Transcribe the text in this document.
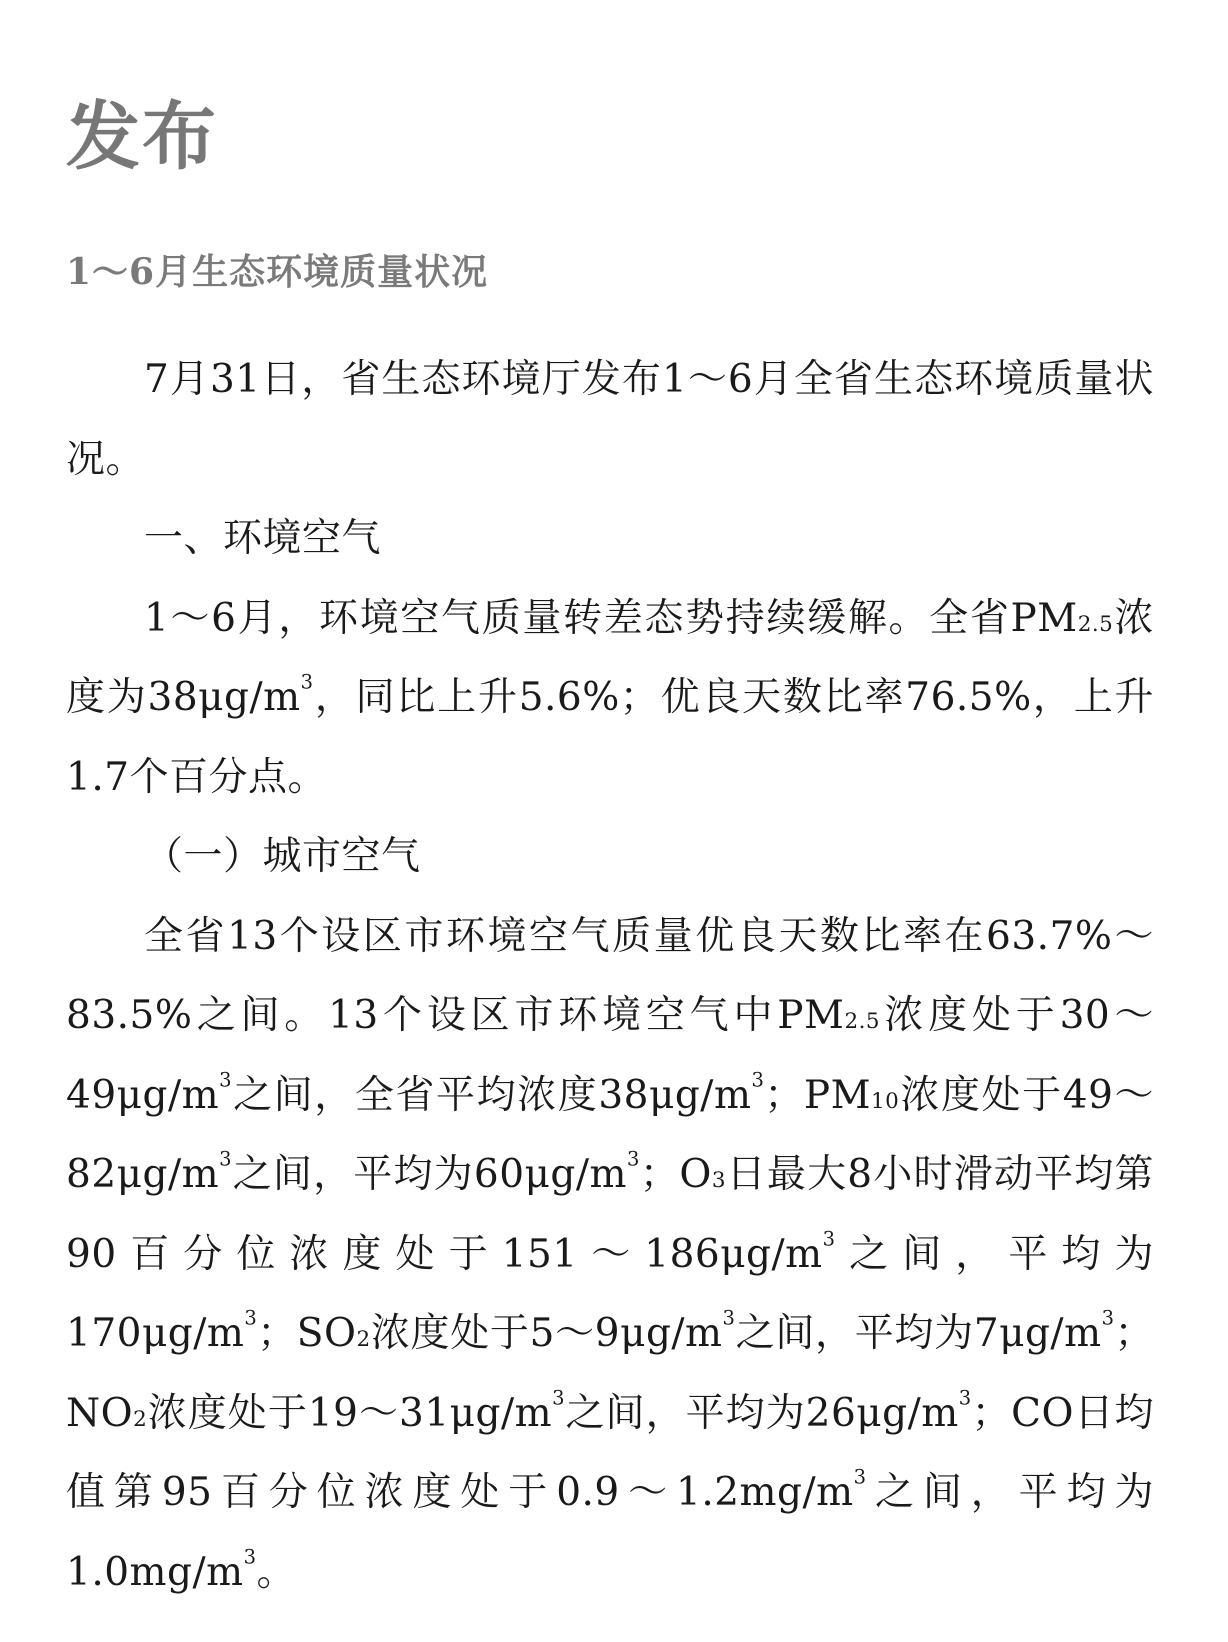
发布
1～6月生态环境质量状况

7月31日，省生态环境厅发布1～6月全省生态环境质量状况。

一、环境空气

1～6月，环境空气质量转差态势持续缓解。全省PM2.5浓度为$38\mu g/m^3$，同比上升5.6%；优良天数比率76.5%，上升1.7个百分点。

（一）城市空气

全省13个设区市环境空气质量优良天数比率在63.7%～83.5%之间。13个设区市环境空气中PM2.5浓度处于$30\sim 49\mu g/m^3$之间，全省平均浓度$38\mu g/m^3$；PM10浓度处于$49\sim 82\mu g/m^3$之间，平均为$60\mu g/m^3$；O3日最大8小时滑动平均第90百分位浓度处于$151\sim 186\mu g/m^3$之间，平均为$170\mu g/m^3$；SO2浓度处于$5\sim 9\mu g/m^3$之间，平均为$7\mu g/m^3$；NO2浓度处于$19\sim 31\mu g/m^3$之间，平均为$26\mu g/m^3$；CO日均值第95百分位浓度处于$0.9\sim 1.2mg/m^3$之间，平均为$1.0mg/m^3$。
